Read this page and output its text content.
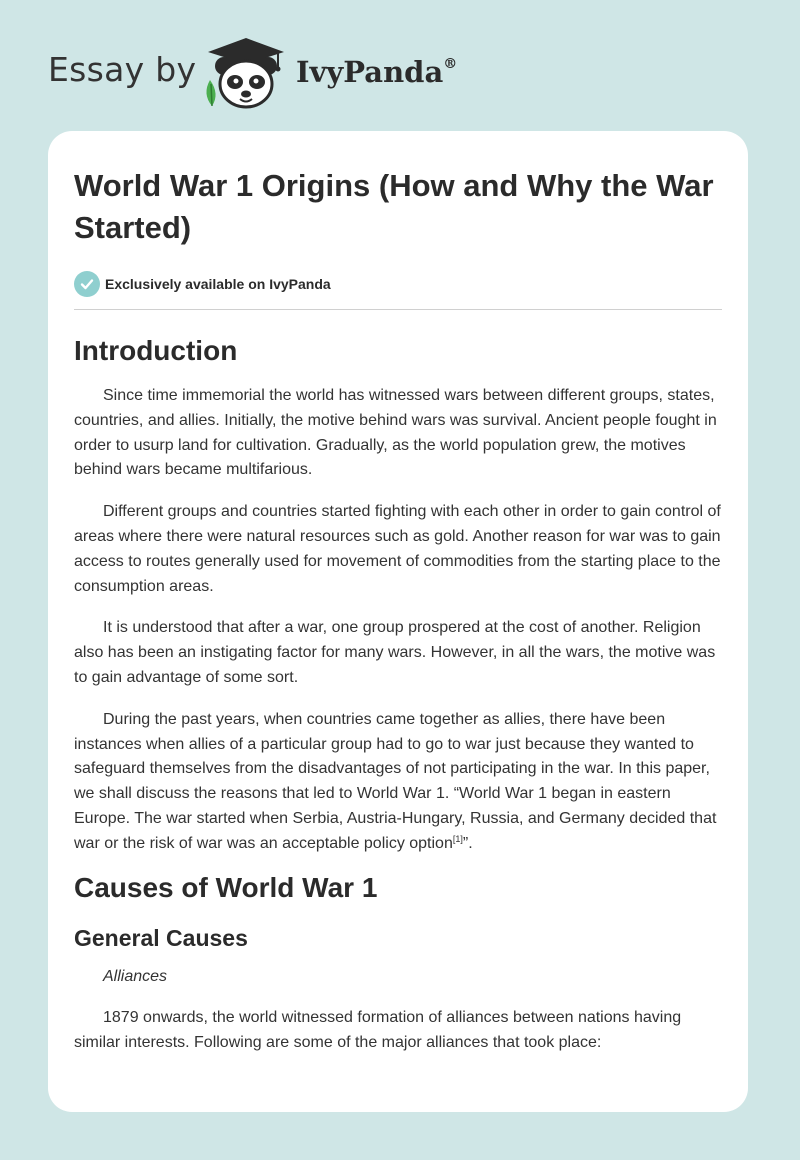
Essay by	IvyPanda®
World War 1 Origins (How and Why the War Started)
Exclusively available on IvyPanda
Introduction

Since time immemorial the world has witnessed wars between different groups, states, countries, and allies. Initially, the motive behind wars was survival. Ancient people fought in order to usurp land for cultivation. Gradually, as the world population grew, the motives behind wars became multifarious.

Different groups and countries started fighting with each other in order to gain control of areas where there were natural resources such as gold. Another reason for war was to gain access to routes generally used for movement of commodities from the starting place to the consumption areas.

It is understood that after a war, one group prospered at the cost of another. Religion also has been an instigating factor for many wars. However, in all the wars, the motive was to gain advantage of some sort.

During the past years, when countries came together as allies, there have been instances when allies of a particular group had to go to war just because they wanted to safeguard themselves from the disadvantages of not participating in the war. In this paper, we shall discuss the reasons that led to World War 1. “World War 1 began in eastern Europe. The war started when Serbia, Austria-Hungary, Russia, and Germany decided that war or the risk of war was an acceptable policy option[1]”.

Causes of World War 1
General Causes

Alliances

1879 onwards, the world witnessed formation of alliances between nations having similar interests. Following are some of the major alliances that took place:
